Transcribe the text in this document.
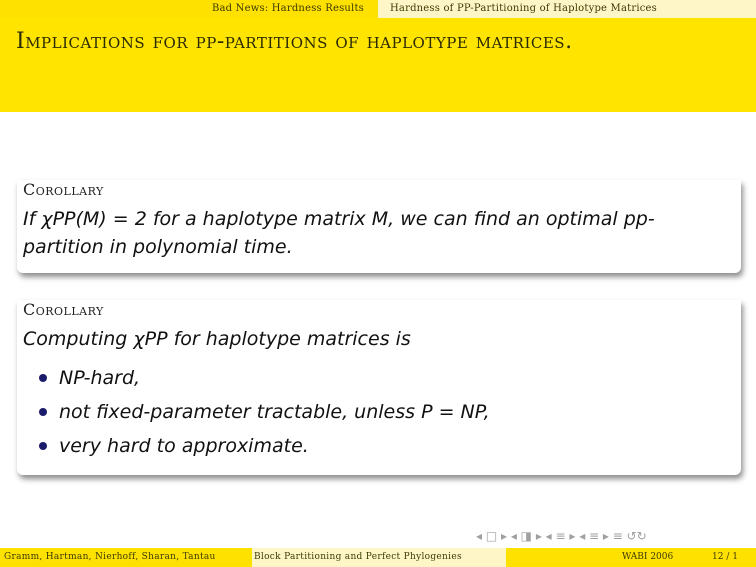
Bad News: Hardness Results	Hardness of PP-Partitioning of Haplotype Matrices
Implications for pp-partitions of haplotype matrices.
Corollary
If χPP(M) = 2 for a haplotype matrix M, we can find an optimal pp-partition in polynomial time.
Corollary
Computing χPP for haplotype matrices is
NP-hard,
not fixed-parameter tractable, unless P = NP,
very hard to approximate.
◂ □ ▸ ◂ ◨ ▸ ◂ ≡ ▸ ◂ ≡ ▸ ≡ ↺↻
Gramm, Hartman, Nierhoff, Sharan, Tantau	Block Partitioning and Perfect Phylogenies	WABI 2006	12 / 1
